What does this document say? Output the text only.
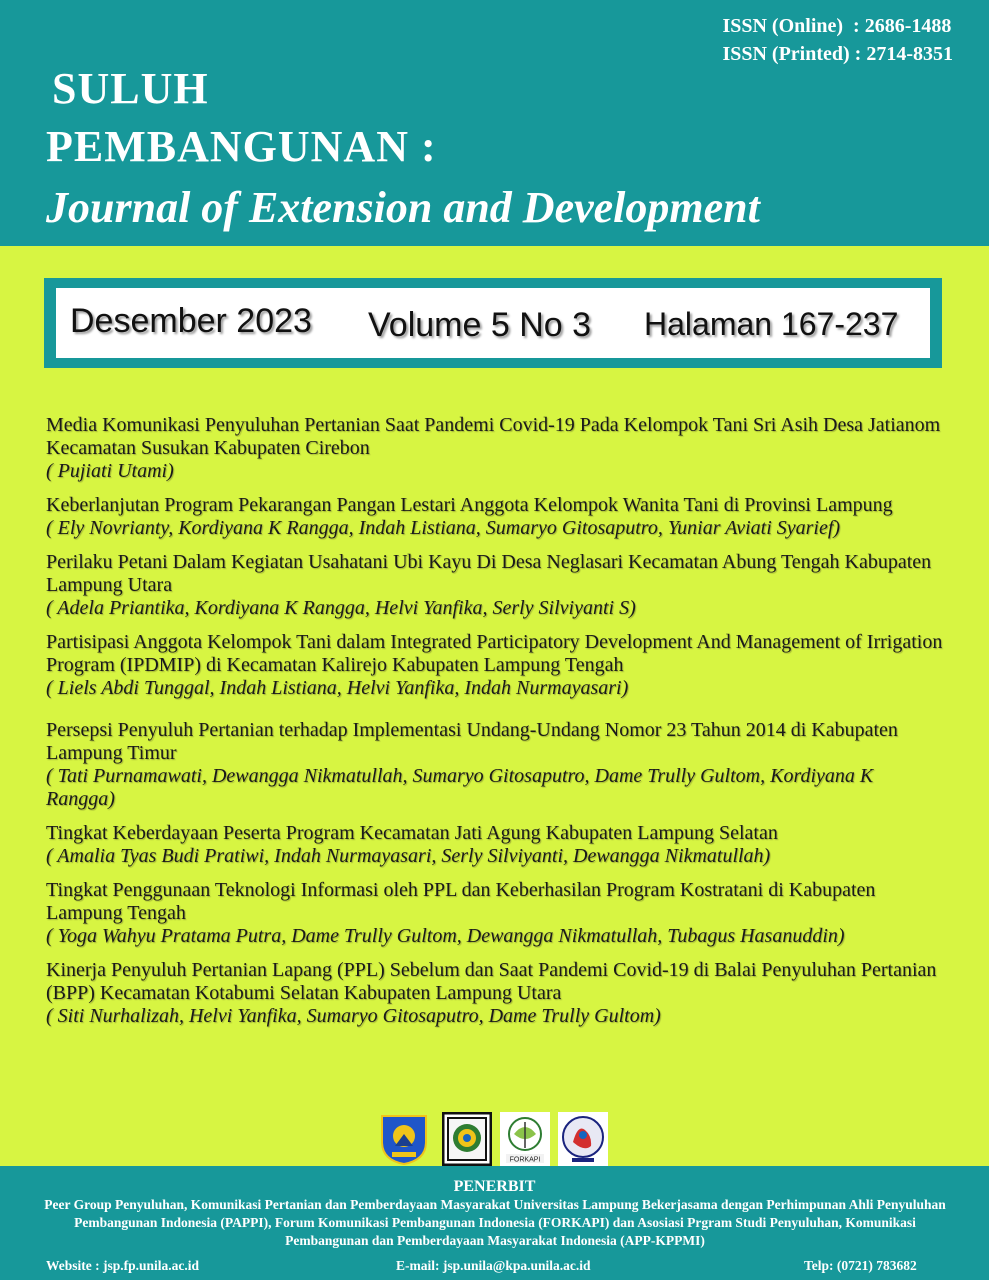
ISSN (Online)  : 2686-1488
ISSN (Printed) : 2714-8351
SULUH
PEMBANGUNAN :
Journal of Extension and Development
Desember 2023 Volume 5 No 3 Halaman 167-237
Media Komunikasi Penyuluhan Pertanian Saat Pandemi Covid-19 Pada Kelompok Tani Sri Asih Desa Jatianom Kecamatan Susukan Kabupaten Cirebon
( Pujiati Utami)
Keberlanjutan Program Pekarangan Pangan Lestari Anggota Kelompok Wanita Tani di Provinsi Lampung
( Ely Novrianty, Kordiyana K Rangga, Indah Listiana, Sumaryo Gitosaputro, Yuniar Aviati Syarief)
Perilaku Petani Dalam Kegiatan Usahatani Ubi Kayu Di Desa Neglasari Kecamatan Abung Tengah Kabupaten Lampung Utara
( Adela Priantika, Kordiyana K Rangga, Helvi Yanfika, Serly Silviyanti S)
Partisipasi Anggota Kelompok Tani dalam Integrated Participatory Development And Management of Irrigation Program (IPDMIP) di Kecamatan Kalirejo Kabupaten Lampung Tengah
( Liels Abdi Tunggal, Indah Listiana, Helvi Yanfika, Indah Nurmayasari)
Persepsi Penyuluh Pertanian terhadap Implementasi Undang-Undang Nomor 23 Tahun 2014 di Kabupaten Lampung Timur
( Tati Purnamawati, Dewangga Nikmatullah, Sumaryo Gitosaputro, Dame Trully Gultom, Kordiyana K Rangga)
Tingkat Keberdayaan Peserta Program Kecamatan Jati Agung Kabupaten Lampung Selatan
( Amalia Tyas Budi Pratiwi, Indah Nurmayasari, Serly Silviyanti, Dewangga Nikmatullah)
Tingkat Penggunaan Teknologi Informasi oleh PPL dan Keberhasilan Program Kostratani di Kabupaten Lampung Tengah
( Yoga Wahyu Pratama Putra, Dame Trully Gultom, Dewangga Nikmatullah, Tubagus Hasanuddin)
Kinerja Penyuluh Pertanian Lapang (PPL) Sebelum dan Saat Pandemi Covid-19 di Balai Penyuluhan Pertanian (BPP) Kecamatan Kotabumi Selatan Kabupaten Lampung Utara
( Siti Nurhalizah, Helvi Yanfika, Sumaryo Gitosaputro, Dame Trully Gultom)
FORKAPI
PENERBIT
Peer Group Penyuluhan, Komunikasi Pertanian dan Pemberdayaan Masyarakat Universitas Lampung Bekerjasama dengan Perhimpunan Ahli Penyuluhan Pembangunan Indonesia (PAPPI), Forum Komunikasi Pembangunan Indonesia (FORKAPI) dan Asosiasi Prgram Studi Penyuluhan, Komunikasi Pembangunan dan Pemberdayaan Masyarakat Indonesia (APP-KPPMI)
Website : jsp.fp.unila.ac.id	E-mail: jsp.unila@kpa.unila.ac.id	Telp: (0721) 783682
